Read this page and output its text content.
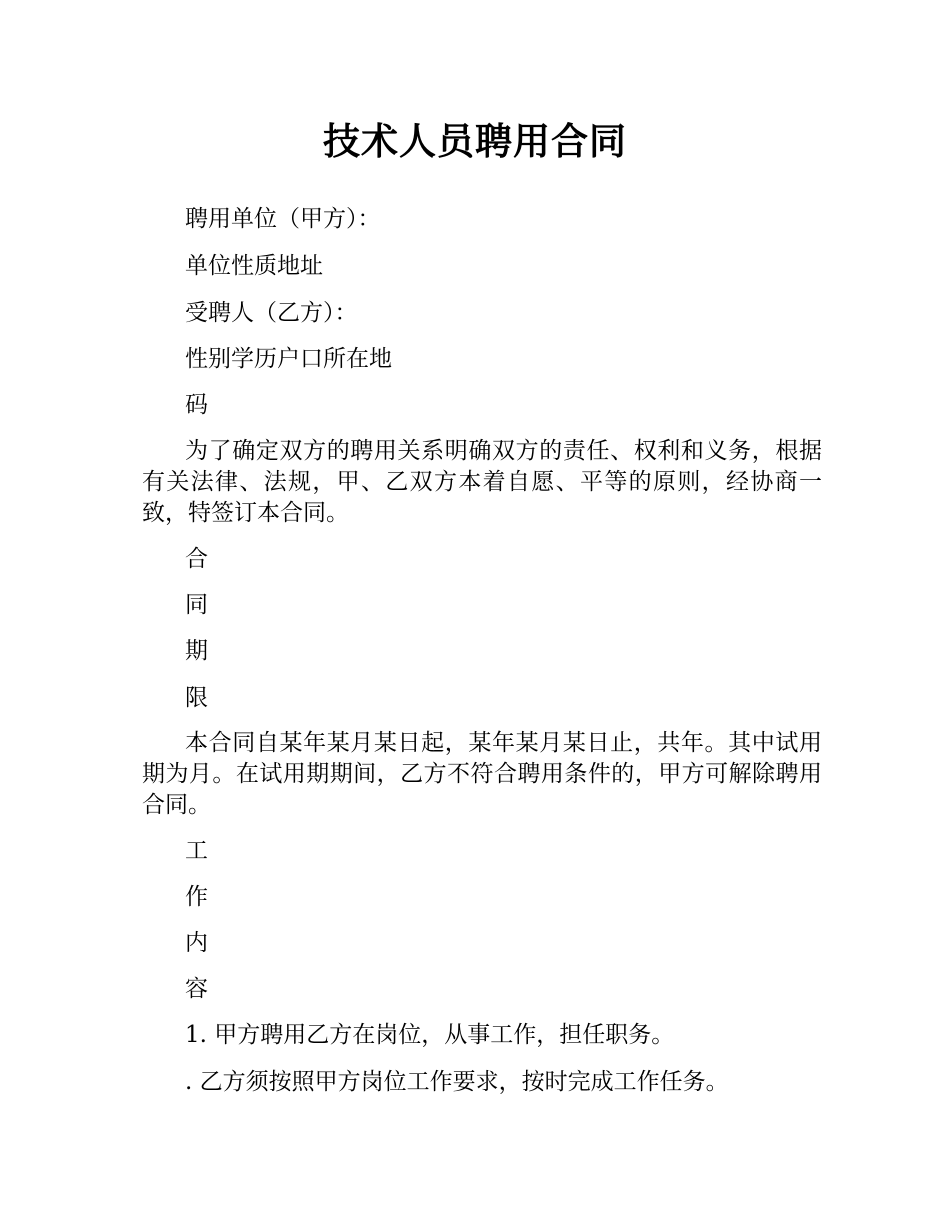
技术人员聘用合同

聘用单位（甲方）：

单位性质地址

受聘人（乙方）：

性别学历户口所在地

码

为了确定双方的聘用关系明确双方的责任、权利和义务，根据有关法律、法规，甲、乙双方本着自愿、平等的原则，经协商一致，特签订本合同。

合

同

期

限

本合同自某年某月某日起，某年某月某日止，共年。其中试用期为月。在试用期期间，乙方不符合聘用条件的，甲方可解除聘用合同。

工

作

内

容

1. 甲方聘用乙方在岗位，从事工作，担任职务。

. 乙方须按照甲方岗位工作要求，按时完成工作任务。
